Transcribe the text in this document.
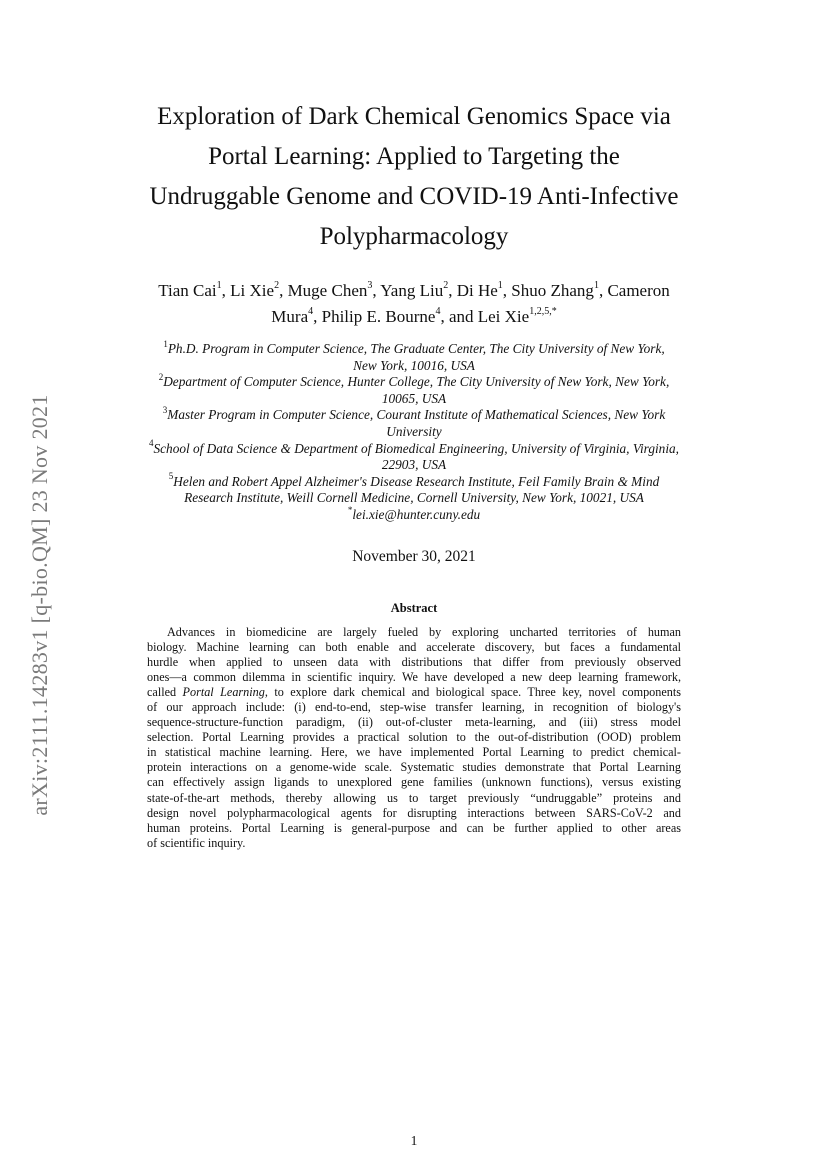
arXiv:2111.14283v1 [q-bio.QM] 23 Nov 2021
Exploration of Dark Chemical Genomics Space via
Portal Learning: Applied to Targeting the
Undruggable Genome and COVID-19 Anti-Infective
Polypharmacology
Tian Cai$^1$, Li Xie$^2$, Muge Chen$^3$, Yang Liu$^2$, Di He$^1$, Shuo Zhang$^1$, Cameron
Mura$^4$, Philip E. Bourne$^4$, and Lei Xie$^{1,2,5,*}$
$^1$Ph.D. Program in Computer Science, The Graduate Center, The City University of New York,
New York, 10016, USA
$^2$Department of Computer Science, Hunter College, The City University of New York, New York,
10065, USA
$^3$Master Program in Computer Science, Courant Institute of Mathematical Sciences, New York
University
$^4$School of Data Science & Department of Biomedical Engineering, University of Virginia, Virginia,
22903, USA
$^5$Helen and Robert Appel Alzheimer's Disease Research Institute, Feil Family Brain & Mind
Research Institute, Weill Cornell Medicine, Cornell University, New York, 10021, USA
*lei.xie@hunter.cuny.edu
November 30, 2021
Abstract
Advances in biomedicine are largely fueled by exploring uncharted territories of human
biology. Machine learning can both enable and accelerate discovery, but faces a fundamental
hurdle when applied to unseen data with distributions that differ from previously observed
ones—a common dilemma in scientific inquiry. We have developed a new deep learning framework,
called Portal Learning, to explore dark chemical and biological space. Three key, novel components
of our approach include: (i) end-to-end, step-wise transfer learning, in recognition of biology's
sequence-structure-function paradigm, (ii) out-of-cluster meta-learning, and (iii) stress model
selection. Portal Learning provides a practical solution to the out-of-distribution (OOD) problem
in statistical machine learning. Here, we have implemented Portal Learning to predict chemical-
protein interactions on a genome-wide scale. Systematic studies demonstrate that Portal Learning
can effectively assign ligands to unexplored gene families (unknown functions), versus existing
state-of-the-art methods, thereby allowing us to target previously “undruggable” proteins and
design novel polypharmacological agents for disrupting interactions between SARS-CoV-2 and
human proteins. Portal Learning is general-purpose and can be further applied to other areas
of scientific inquiry.
1
